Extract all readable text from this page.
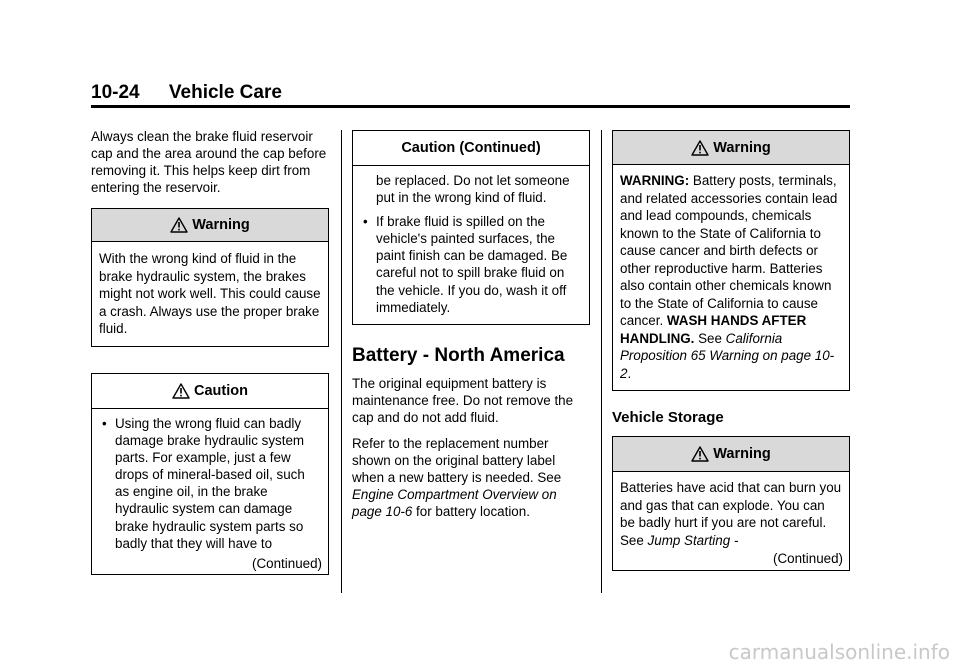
10-24 Vehicle Care

Always clean the brake fluid reservoir cap and the area around the cap before removing it. This helps keep dirt from entering the reservoir.

Warning

With the wrong kind of fluid in the brake hydraulic system, the brakes might not work well. This could cause a crash. Always use the proper brake fluid.

Caution
• Using the wrong fluid can badly damage brake hydraulic system parts. For example, just a few drops of mineral-based oil, such as engine oil, in the brake hydraulic system can damage brake hydraulic system parts so badly that they will have to
(Continued)
Caution (Continued)

be replaced. Do not let someone put in the wrong kind of fluid.

• If brake fluid is spilled on the vehicle's painted surfaces, the paint finish can be damaged. Be careful not to spill brake fluid on the vehicle. If you do, wash it off immediately.
Battery - North America

The original equipment battery is maintenance free. Do not remove the cap and do not add fluid.

Refer to the replacement number shown on the original battery label when a new battery is needed. See Engine Compartment Overview on page 10-6 for battery location.

Warning

WARNING: Battery posts, terminals, and related accessories contain lead and lead compounds, chemicals known to the State of California to cause cancer and birth defects or other reproductive harm. Batteries also contain other chemicals known to the State of California to cause cancer. WASH HANDS AFTER HANDLING. See California Proposition 65 Warning on page 10-2.

Vehicle Storage
Warning

Batteries have acid that can burn you and gas that can explode. You can be badly hurt if you are not careful. See Jump Starting -

(Continued)
carmanualsonline.info
